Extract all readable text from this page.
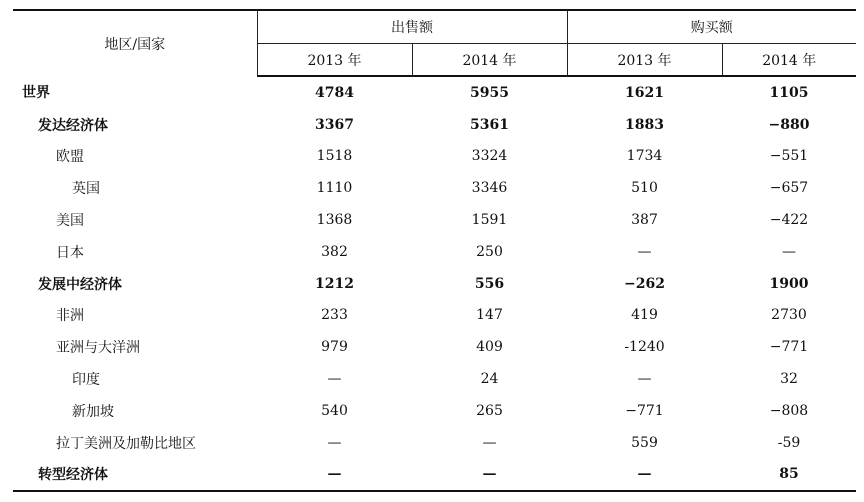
地区/国家	出售额		购买额	
	2013 年	2014 年	2013 年	2014 年
世界	4784	5955	1621	1105
发达经济体	3367	5361	1883	−880
欧盟	1518	3324	1734	−551
英国	1110	3346	510	−657
美国	1368	1591	387	−422
日本	382	250	—	—
发展中经济体	1212	556	−262	1900
非洲	233	147	419	2730
亚洲与大洋洲	979	409	-1240	−771
印度	—	24	—	32
新加坡	540	265	−771	−808
拉丁美洲及加勒比地区	—	—	559	-59
转型经济体	—	—	—	85
